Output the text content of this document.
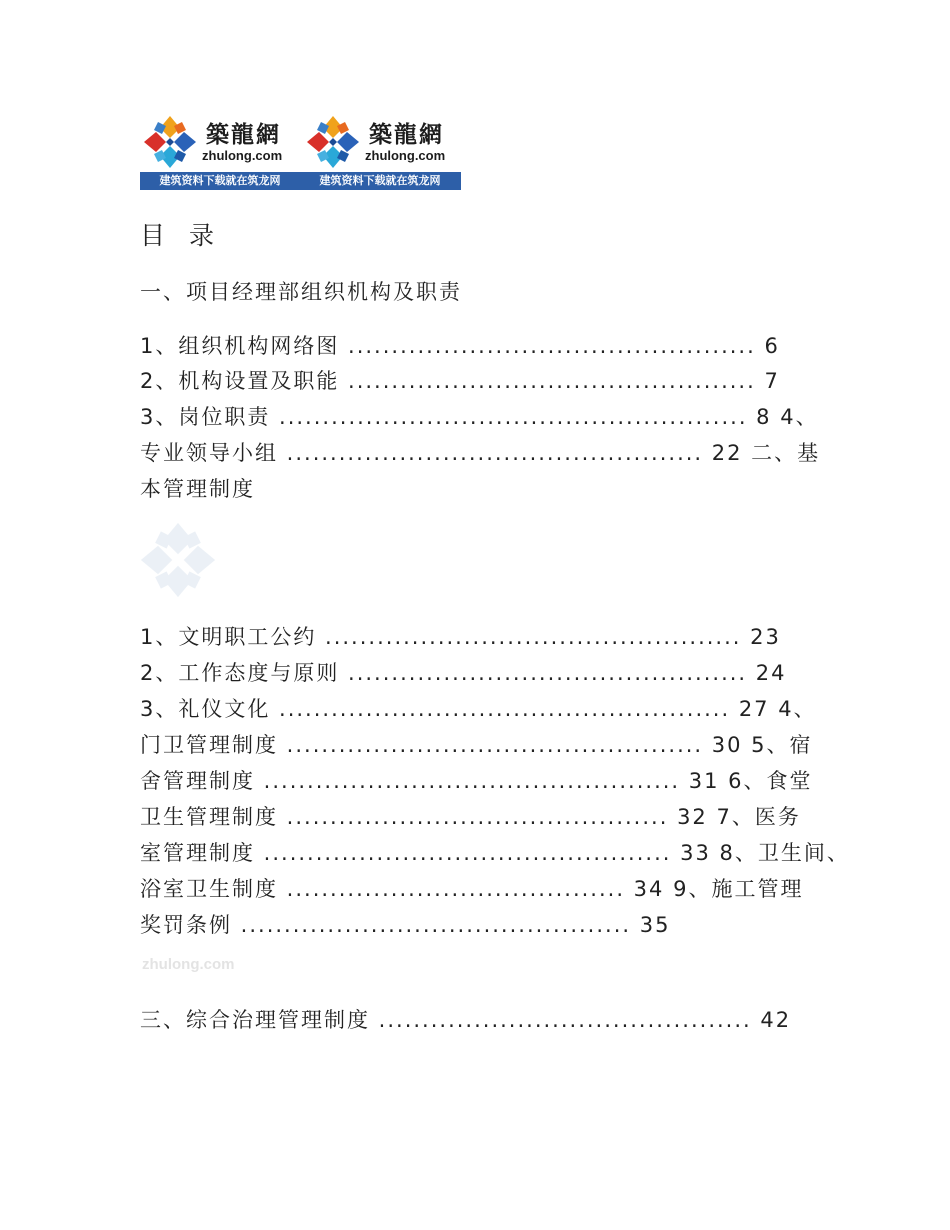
築龍網
zhulong.com
築龍網
zhulong.com
建筑资料下载就在筑龙网	建筑资料下载就在筑龙网
目 录
一、项目经理部组织机构及职责
1、组织机构网络图 ............................................... 6
2、机构设置及职能 ............................................... 7
3、岗位职责 ...................................................... 8 4、
专业领导小组 ................................................ 22 二、基
本管理制度
1、文明职工公约 ................................................ 23
2、工作态度与原则 .............................................. 24
3、礼仪文化 .................................................... 27 4、
门卫管理制度 ................................................ 30 5、宿
舍管理制度 ................................................ 31 6、食堂
卫生管理制度 ............................................ 32 7、医务
室管理制度 ............................................... 33 8、卫生间、
浴室卫生制度 ....................................... 34 9、施工管理
奖罚条例 ............................................. 35
zhulong.com
三、综合治理管理制度 ........................................... 42
